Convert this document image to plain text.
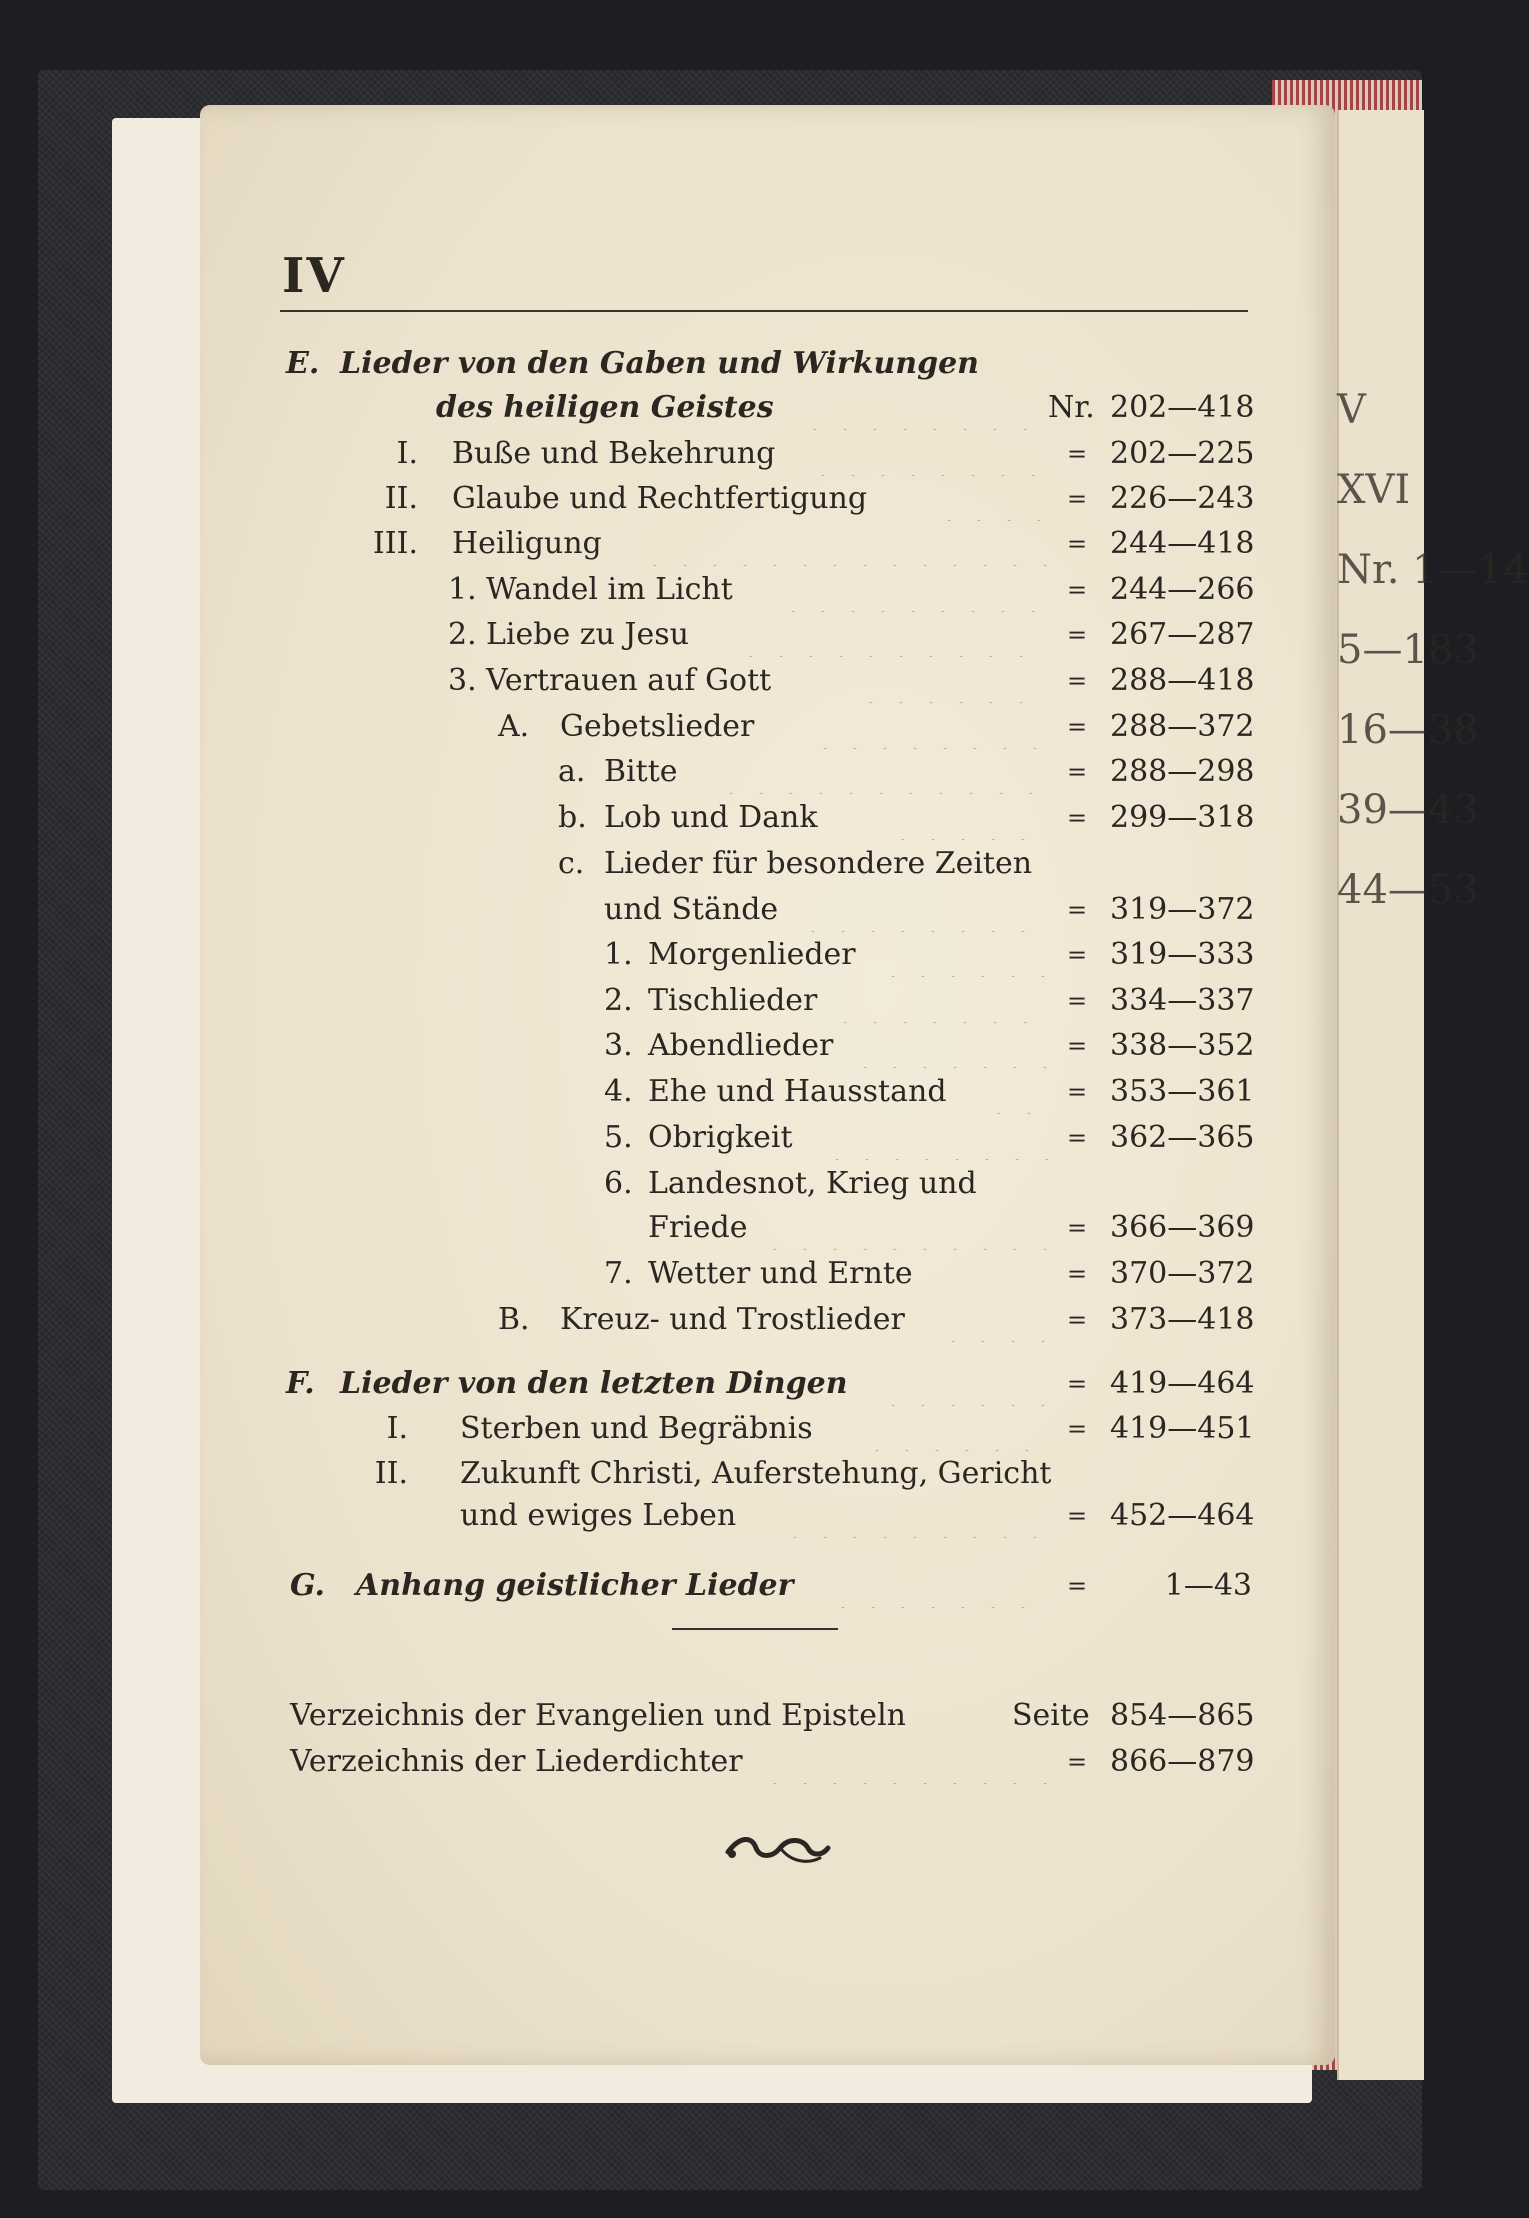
V
XVI
Nr. 1—14
5—183
16—38
39—43
44—53
IV
E. Lieder von den Gaben und Wirkungen
des heiligen Geistes	Nr. 202—418
I. Buße und Bekehrung	= 202—225
II. Glaube und Rechtfertigung	= 226—243
III. Heiligung	= 244—418
1. Wandel im Licht	= 244—266
2. Liebe zu Jesu	= 267—287
3. Vertrauen auf Gott	= 288—418
A. Gebetslieder	= 288—372
a. Bitte	= 288—298
b. Lob und Dank	= 299—318
c. Lieder für besondere Zeiten
und Stände	= 319—372
1. Morgenlieder	= 319—333
2. Tischlieder	= 334—337
3. Abendlieder	= 338—352
4. Ehe und Hausstand	= 353—361
5. Obrigkeit	= 362—365
6. Landesnot, Krieg und
Friede	= 366—369
7. Wetter und Ernte	= 370—372
B. Kreuz- und Trostlieder	= 373—418
F. Lieder von den letzten Dingen	= 419—464
I. Sterben und Begräbnis	= 419—451
II. Zukunft Christi, Auferstehung, Gericht
und ewiges Leben	= 452—464
G. Anhang geistlicher Lieder	=	1—43
Verzeichnis der Evangelien und Episteln	Seite 854—865
Verzeichnis der Liederdichter	= 866—879
